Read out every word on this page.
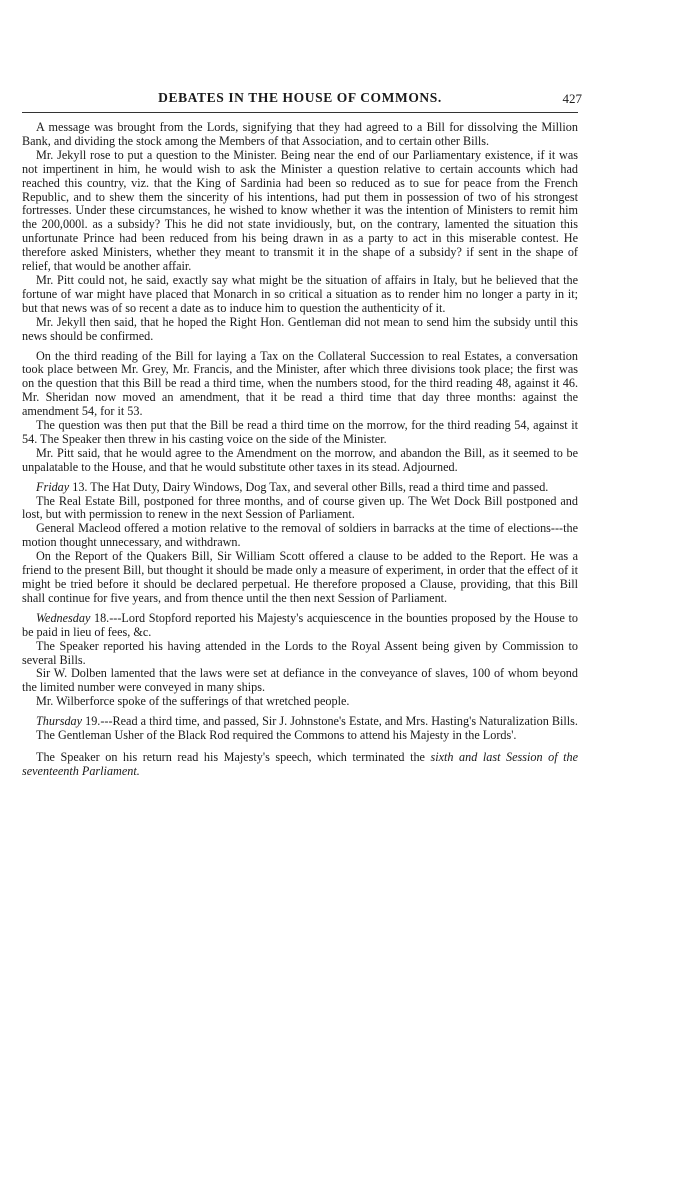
DEBATES IN THE HOUSE OF COMMONS.	427

A message was brought from the Lords, signifying that they had agreed to a Bill for dissolving the Million Bank, and dividing the stock among the Members of that Association, and to certain other Bills.

Mr. Jekyll rose to put a question to the Minister. Being near the end of our Parliamentary existence, if it was not impertinent in him, he would wish to ask the Minister a question relative to certain accounts which had reached this country, viz. that the King of Sardinia had been so reduced as to sue for peace from the French Republic, and to shew them the sincerity of his intentions, had put them in possession of two of his strongest fortresses. Under these circumstances, he wished to know whether it was the intention of Ministers to remit him the 200,000l. as a subsidy? This he did not state invidiously, but, on the contrary, lamented the situation this unfortunate Prince had been reduced from his being drawn in as a party to act in this miserable contest. He therefore asked Ministers, whether they meant to transmit it in the shape of a subsidy? if sent in the shape of relief, that would be another affair.

Mr. Pitt could not, he said, exactly say what might be the situation of affairs in Italy, but he believed that the fortune of war might have placed that Monarch in so critical a situation as to render him no longer a party in it; but that news was of so recent a date as to induce him to question the authenticity of it.

Mr. Jekyll then said, that he hoped the Right Hon. Gentleman did not mean to send him the subsidy until this news should be confirmed.

On the third reading of the Bill for laying a Tax on the Collateral Succession to real Estates, a conversation took place between Mr. Grey, Mr. Francis, and the Minister, after which three divisions took place; the first was on the question that this Bill be read a third time, when the numbers stood, for the third reading 48, against it 46. Mr. Sheridan now moved an amendment, that it be read a third time that day three months: against the amendment 54, for it 53.

The question was then put that the Bill be read a third time on the morrow, for the third reading 54, against it 54. The Speaker then threw in his casting voice on the side of the Minister.

Mr. Pitt said, that he would agree to the Amendment on the morrow, and abandon the Bill, as it seemed to be unpalatable to the House, and that he would substitute other taxes in its stead. Adjourned.

Friday 13. The Hat Duty, Dairy Windows, Dog Tax, and several other Bills, read a third time and passed.

The Real Estate Bill, postponed for three months, and of course given up. The Wet Dock Bill postponed and lost, but with permission to renew in the next Session of Parliament.

General Macleod offered a motion relative to the removal of soldiers in barracks at the time of elections---the motion thought unnecessary, and withdrawn.

On the Report of the Quakers Bill, Sir William Scott offered a clause to be added to the Report. He was a friend to the present Bill, but thought it should be made only a measure of experiment, in order that the effect of it might be tried before it should be declared perpetual. He therefore proposed a Clause, providing, that this Bill shall continue for five years, and from thence until the then next Session of Parliament.

Wednesday 18.---Lord Stopford reported his Majesty's acquiescence in the bounties proposed by the House to be paid in lieu of fees, &c.

The Speaker reported his having attended in the Lords to the Royal Assent being given by Commission to several Bills.

Sir W. Dolben lamented that the laws were set at defiance in the conveyance of slaves, 100 of whom beyond the limited number were conveyed in many ships.

Mr. Wilberforce spoke of the sufferings of that wretched people.

Thursday 19.---Read a third time, and passed, Sir J. Johnstone's Estate, and Mrs. Hasting's Naturalization Bills.

The Gentleman Usher of the Black Rod required the Commons to attend his Majesty in the Lords'.

The Speaker on his return read his Majesty's speech, which terminated the sixth and last Session of the seventeenth Parliament.
